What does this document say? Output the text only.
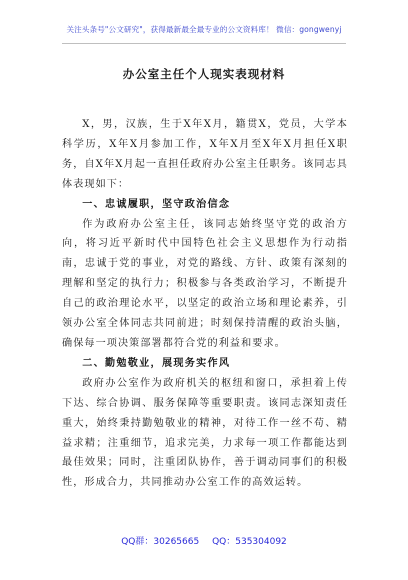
关注头条号"公文研究"，获得最新最全最专业的公文资料库！ 微信：gongwenyj
办公室主任个人现实表现材料

X，男，汉族，生于X年X月，籍贯X，党员，大学本科学历，X年X月参加工作，X年X月至X年X月担任X职务，自X年X月起一直担任政府办公室主任职务。该同志具体表现如下：

一、忠诚履职，坚守政治信念

作为政府办公室主任，该同志始终坚守党的政治方向，将习近平新时代中国特色社会主义思想作为行动指南，忠诚于党的事业，对党的路线、方针、政策有深刻的理解和坚定的执行力；积极参与各类政治学习，不断提升自己的政治理论水平，以坚定的政治立场和理论素养，引领办公室全体同志共同前进；时刻保持清醒的政治头脑，确保每一项决策部署都符合党的利益和要求。

二、勤勉敬业，展现务实作风

政府办公室作为政府机关的枢纽和窗口，承担着上传下达、综合协调、服务保障等重要职责。该同志深知责任重大，始终秉持勤勉敬业的精神，对待工作一丝不苟、精益求精；注重细节，追求完美，力求每一项工作都能达到最佳效果；同时，注重团队协作，善于调动同事们的积极性，形成合力，共同推动办公室工作的高效运转。

QQ群：30265665 QQ：535304092
